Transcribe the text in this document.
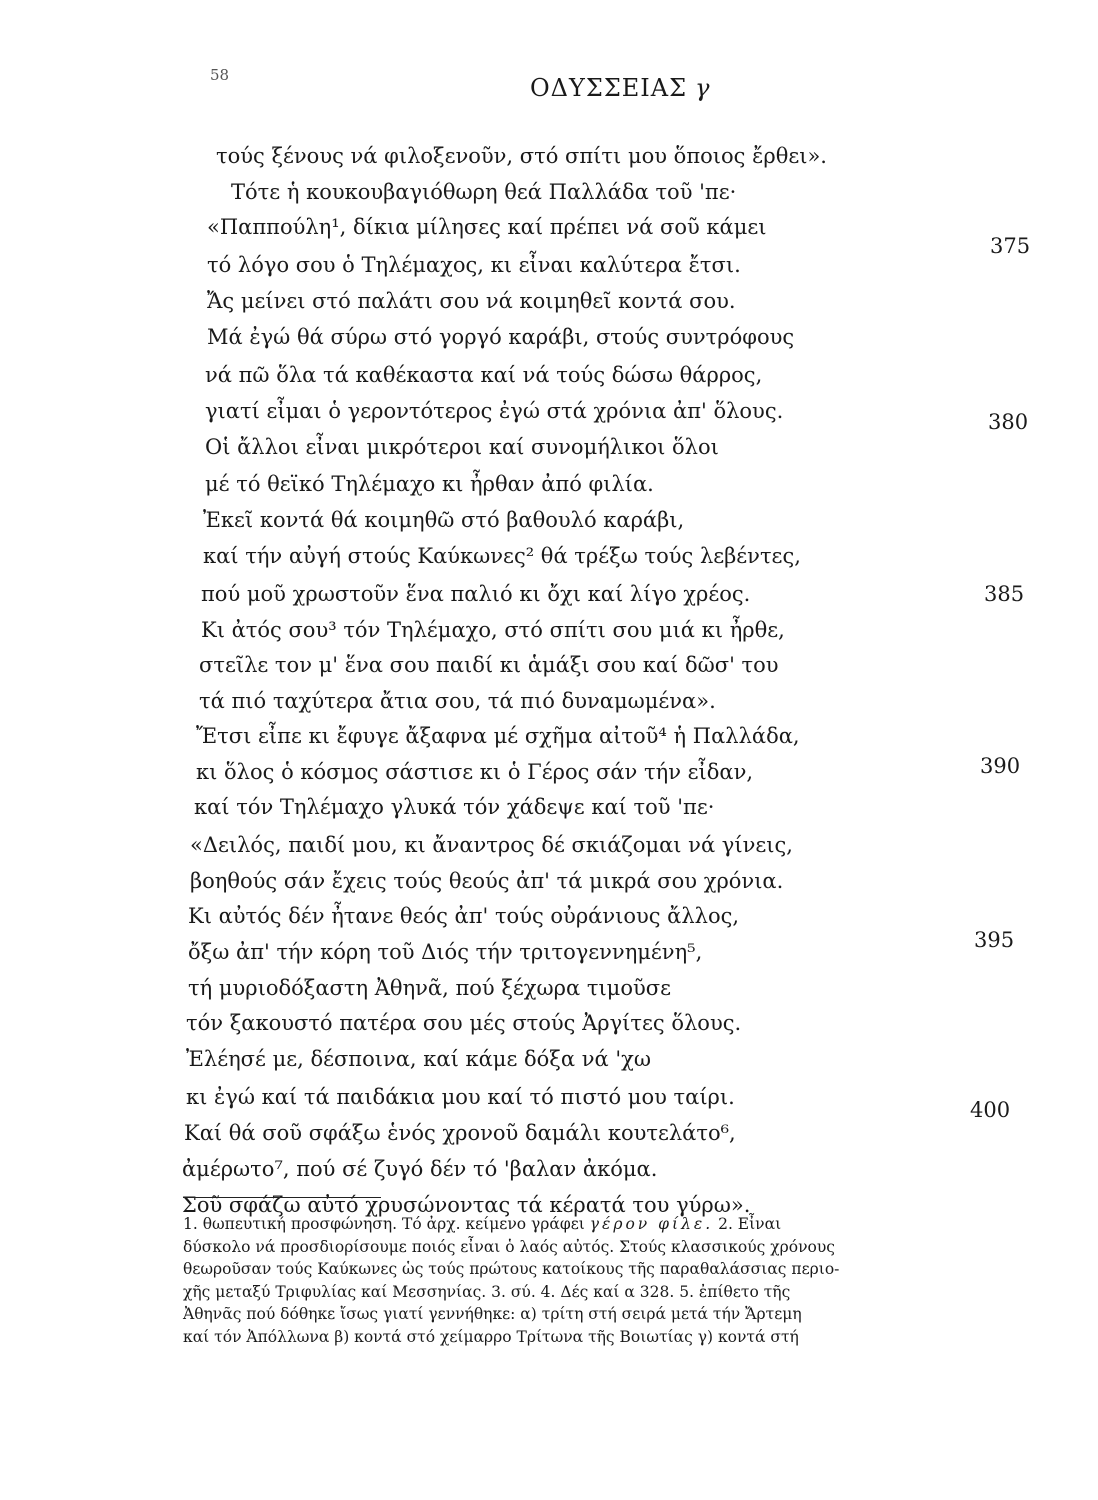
58	ΟΔΥΣΣΕΙΑΣ γ
τούς ξένους νά φιλοξενοῦν, στό σπίτι μου ὅποιος ἔρθει».
Τότε ἡ κουκουβαγιόθωρη θεά Παλλάδα τοῦ 'πε·
«Παππούλη¹, δίκια μίλησες καί πρέπει νά σοῦ κάμει
τό λόγο σου ὁ Τηλέμαχος, κι εἶναι καλύτερα ἔτσι.
Ἄς μείνει στό παλάτι σου νά κοιμηθεῖ κοντά σου.
Μά ἐγώ θά σύρω στό γοργό καράβι, στούς συντρόφους
νά πῶ ὅλα τά καθέκαστα καί νά τούς δώσω θάρρος,
γιατί εἶμαι ὁ γεροντότερος ἐγώ στά χρόνια ἀπ' ὅλους.
Οἱ ἄλλοι εἶναι μικρότεροι καί συνομήλικοι ὅλοι
μέ τό θεϊκό Τηλέμαχο κι ἦρθαν ἀπό φιλία.
Ἐκεῖ κοντά θά κοιμηθῶ στό βαθουλό καράβι,
καί τήν αὐγή στούς Καύκωνες² θά τρέξω τούς λεβέντες,
πού μοῦ χρωστοῦν ἕνα παλιό κι ὄχι καί λίγο χρέος.
Κι ἀτός σου³ τόν Τηλέμαχο, στό σπίτι σου μιά κι ἦρθε,
στεῖλε τον μ' ἕνα σου παιδί κι ἁμάξι σου καί δῶσ' του
τά πιό ταχύτερα ἄτια σου, τά πιό δυναμωμένα».
Ἔτσι εἶπε κι ἔφυγε ἄξαφνα μέ σχῆμα αἰτοῦ⁴ ἡ Παλλάδα,
κι ὅλος ὁ κόσμος σάστισε κι ὁ Γέρος σάν τήν εἶδαν,
καί τόν Τηλέμαχο γλυκά τόν χάδεψε καί τοῦ 'πε·
«Δειλός, παιδί μου, κι ἄναντρος δέ σκιάζομαι νά γίνεις,
βοηθούς σάν ἔχεις τούς θεούς ἀπ' τά μικρά σου χρόνια.
Κι αὐτός δέν ἦτανε θεός ἀπ' τούς οὐράνιους ἄλλος,
ὄξω ἀπ' τήν κόρη τοῦ Διός τήν τριτογεννημένη⁵,
τή μυριοδόξαστη Ἀθηνᾶ, πού ξέχωρα τιμοῦσε
τόν ξακουστό πατέρα σου μές στούς Ἀργίτες ὅλους.
Ἐλέησέ με, δέσποινα, καί κάμε δόξα νά 'χω
κι ἐγώ καί τά παιδάκια μου καί τό πιστό μου ταίρι.
Καί θά σοῦ σφάξω ἑνός χρονοῦ δαμάλι κουτελάτο⁶,
ἀμέρωτο⁷, πού σέ ζυγό δέν τό 'βαλαν ἀκόμα.
Σοῦ σφάζω αὐτό χρυσώνοντας τά κέρατά του γύρω».
375
380
385
390
395
400

1. θωπευτική προσφώνηση. Τό ἀρχ. κείμενο γράφει γέρον φίλε. 2. Εἶναι

δύσκολο νά προσδιορίσουμε ποιός εἶναι ὁ λαός αὐτός. Στούς κλασσικούς χρόνους

θεωροῦσαν τούς Καύκωνες ὡς τούς πρώτους κατοίκους τῆς παραθαλάσσιας περιο-

χῆς μεταξύ Τριφυλίας καί Μεσσηνίας. 3. σύ. 4. Δές καί α 328. 5. ἐπίθετο τῆς

Ἀθηνᾶς πού δόθηκε ἴσως γιατί γεννήθηκε: α) τρίτη στή σειρά μετά τήν Ἄρτεμη

καί τόν Ἀπόλλωνα β) κοντά στό χείμαρρο Τρίτωνα τῆς Βοιωτίας γ) κοντά στή
